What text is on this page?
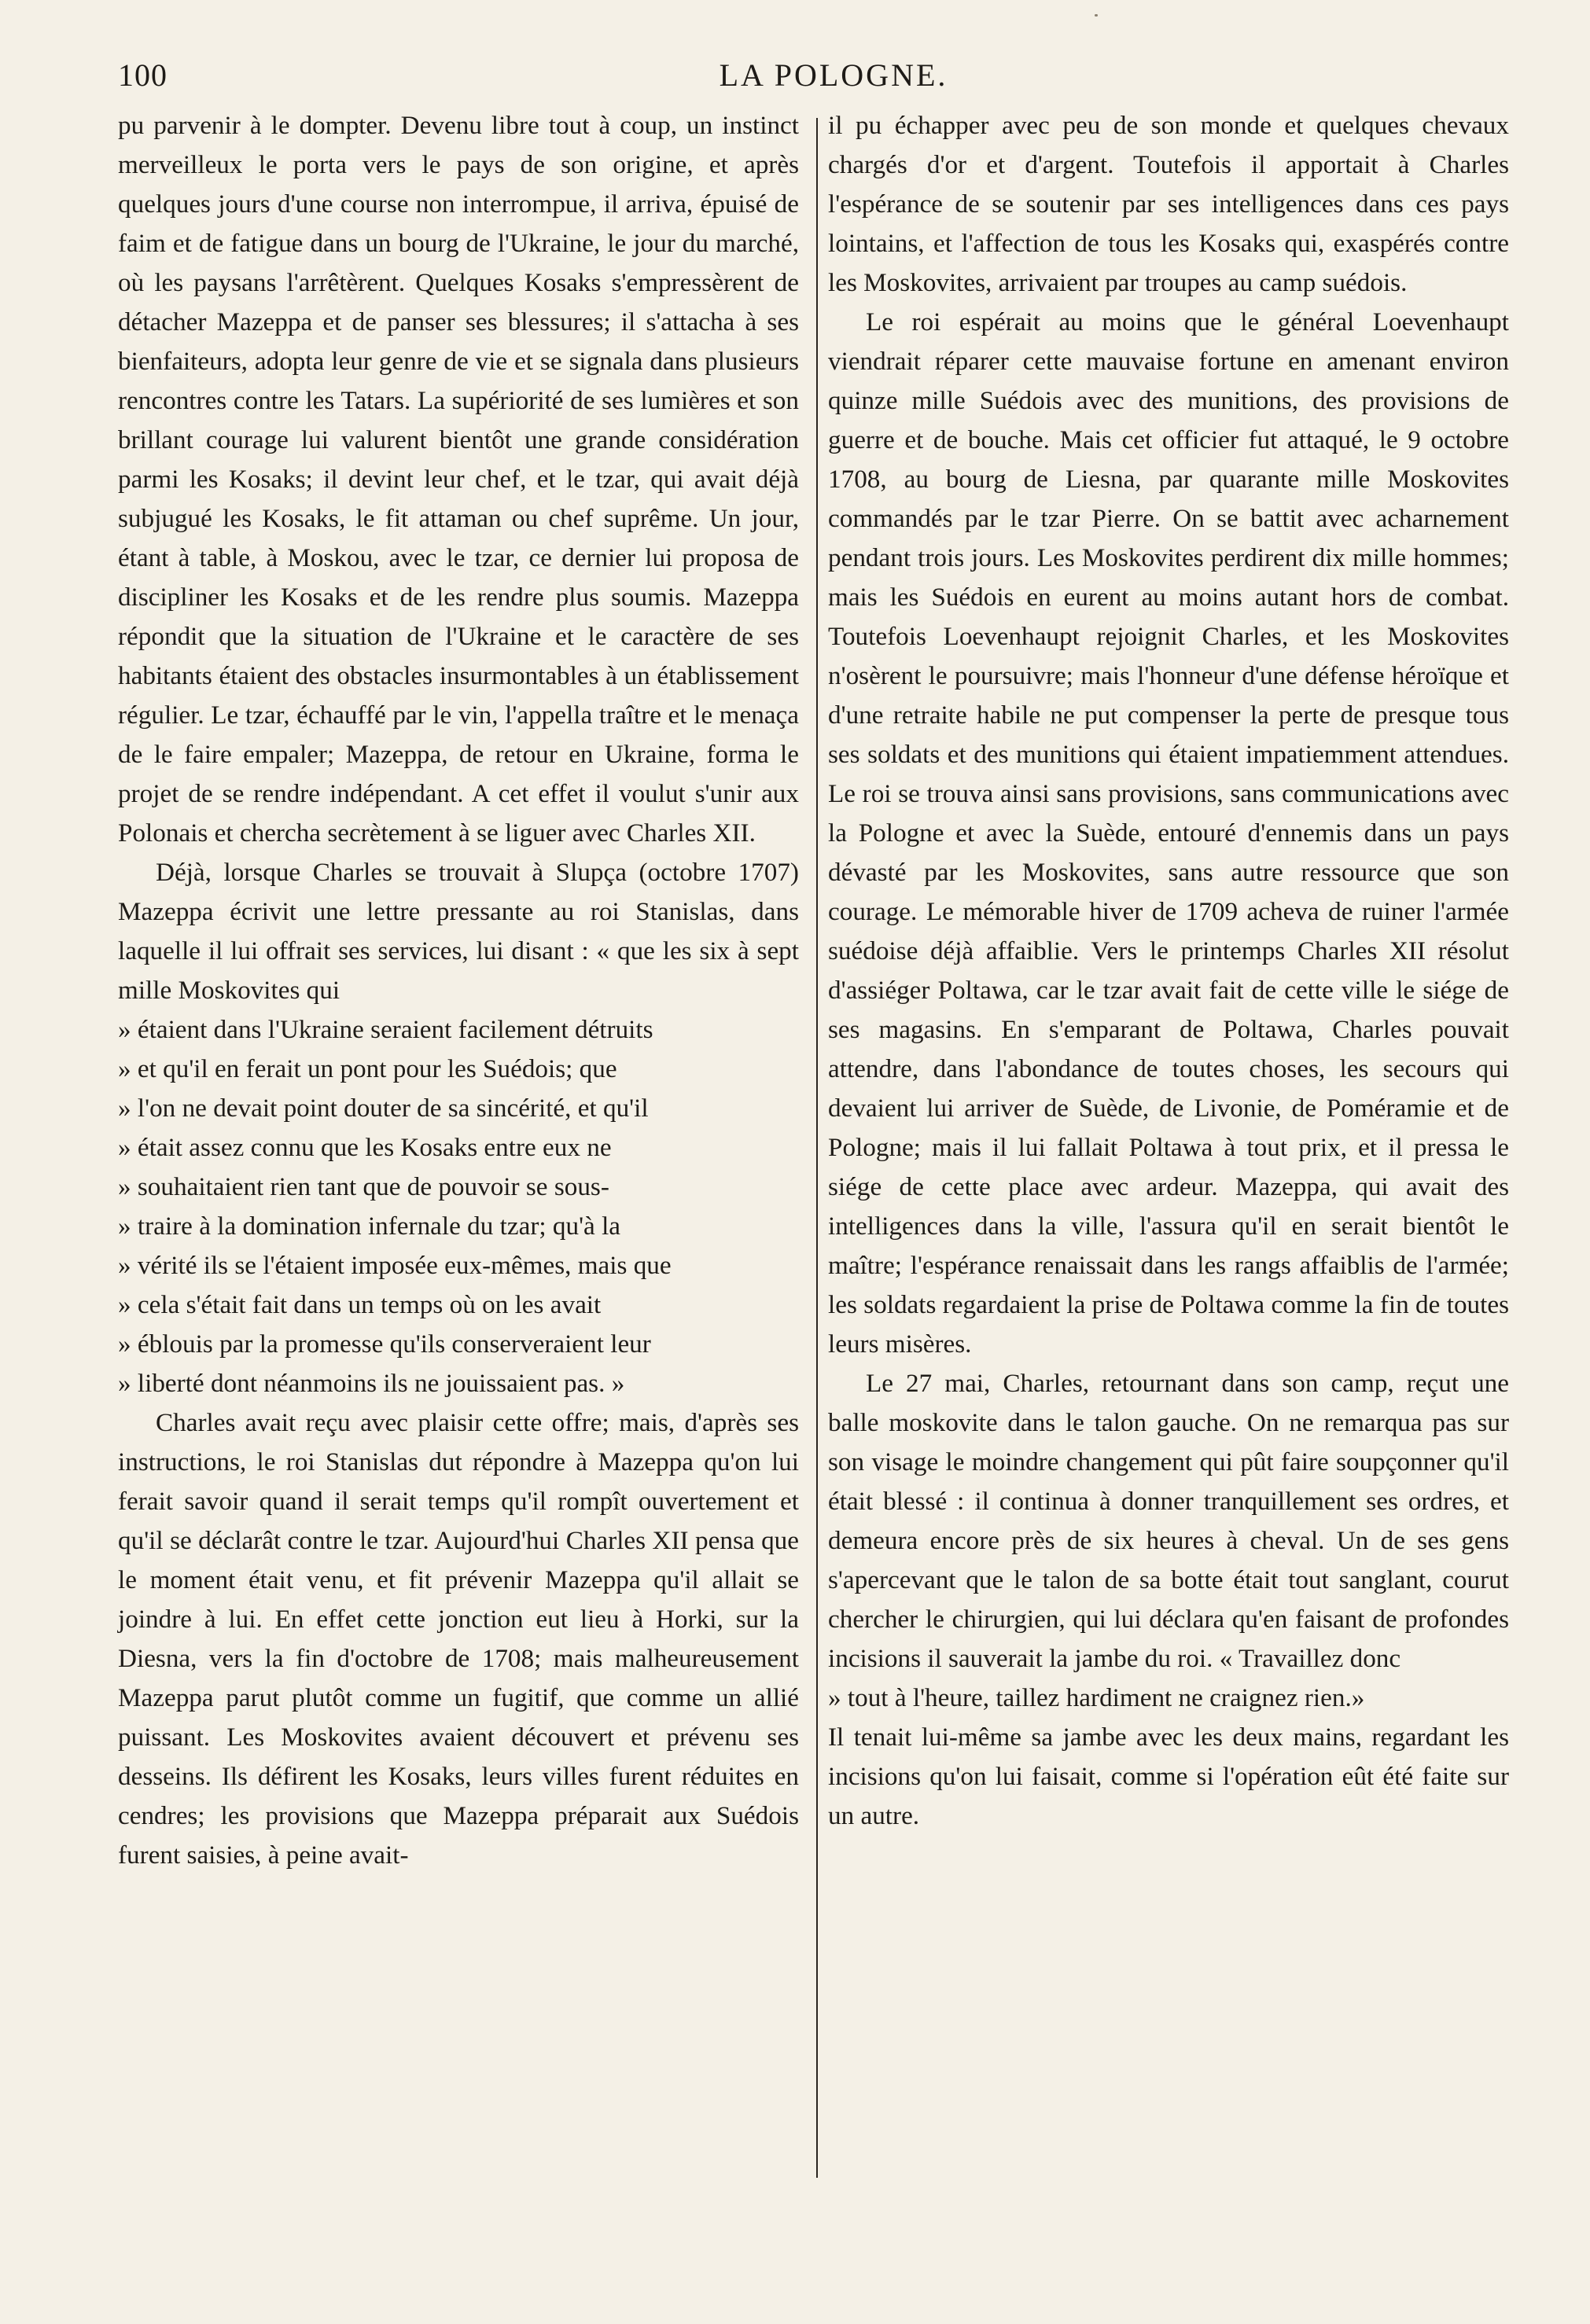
100	LA POLOGNE.

pu parvenir à le dompter. Devenu libre tout à coup, un instinct merveilleux le porta vers le pays de son origine, et après quelques jours d'une course non interrompue, il arriva, épuisé de faim et de fatigue dans un bourg de l'Ukraine, le jour du marché, où les paysans l'arrêtèrent. Quelques Kosaks s'empressèrent de détacher Mazeppa et de panser ses blessures; il s'attacha à ses bienfaiteurs, adopta leur genre de vie et se signala dans plusieurs rencontres contre les Tatars. La supériorité de ses lumières et son brillant courage lui valurent bientôt une grande considération parmi les Kosaks; il devint leur chef, et le tzar, qui avait déjà subjugué les Kosaks, le fit attaman ou chef suprême. Un jour, étant à table, à Moskou, avec le tzar, ce dernier lui proposa de discipliner les Kosaks et de les rendre plus soumis. Mazeppa répondit que la situation de l'Ukraine et le caractère de ses habitants étaient des obstacles insurmontables à un établissement régulier. Le tzar, échauffé par le vin, l'appella traître et le menaça de le faire empaler; Mazeppa, de retour en Ukraine, forma le projet de se rendre indépendant. A cet effet il voulut s'unir aux Polonais et chercha secrètement à se liguer avec Charles XII.

Déjà, lorsque Charles se trouvait à Slupça (octobre 1707) Mazeppa écrivit une lettre pressante au roi Stanislas, dans laquelle il lui offrait ses services, lui disant : « que les six à sept mille Moskovites qui

» étaient dans l'Ukraine seraient facilement détruits

» et qu'il en ferait un pont pour les Suédois; que

» l'on ne devait point douter de sa sincérité, et qu'il

» était assez connu que les Kosaks entre eux ne

» souhaitaient rien tant que de pouvoir se sous-

» traire à la domination infernale du tzar; qu'à la

» vérité ils se l'étaient imposée eux-mêmes, mais que

» cela s'était fait dans un temps où on les avait

» éblouis par la promesse qu'ils conserveraient leur

» liberté dont néanmoins ils ne jouissaient pas. »

Charles avait reçu avec plaisir cette offre; mais, d'après ses instructions, le roi Stanislas dut répondre à Mazeppa qu'on lui ferait savoir quand il serait temps qu'il rompît ouvertement et qu'il se déclarât contre le tzar. Aujourd'hui Charles XII pensa que le moment était venu, et fit prévenir Mazeppa qu'il allait se joindre à lui. En effet cette jonction eut lieu à Horki, sur la Diesna, vers la fin d'octobre de 1708; mais malheureusement Mazeppa parut plutôt comme un fugitif, que comme un allié puissant. Les Moskovites avaient découvert et prévenu ses desseins. Ils défirent les Kosaks, leurs villes furent réduites en cendres; les provisions que Mazeppa préparait aux Suédois furent saisies, à peine avait-

il pu échapper avec peu de son monde et quelques chevaux chargés d'or et d'argent. Toutefois il apportait à Charles l'espérance de se soutenir par ses intelligences dans ces pays lointains, et l'affection de tous les Kosaks qui, exaspérés contre les Moskovites, arrivaient par troupes au camp suédois.

Le roi espérait au moins que le général Loevenhaupt viendrait réparer cette mauvaise fortune en amenant environ quinze mille Suédois avec des munitions, des provisions de guerre et de bouche. Mais cet officier fut attaqué, le 9 octobre 1708, au bourg de Liesna, par quarante mille Moskovites commandés par le tzar Pierre. On se battit avec acharnement pendant trois jours. Les Moskovites perdirent dix mille hommes; mais les Suédois en eurent au moins autant hors de combat. Toutefois Loevenhaupt rejoignit Charles, et les Moskovites n'osèrent le poursuivre; mais l'honneur d'une défense héroïque et d'une retraite habile ne put compenser la perte de presque tous ses soldats et des munitions qui étaient impatiemment attendues. Le roi se trouva ainsi sans provisions, sans communications avec la Pologne et avec la Suède, entouré d'ennemis dans un pays dévasté par les Moskovites, sans autre ressource que son courage. Le mémorable hiver de 1709 acheva de ruiner l'armée suédoise déjà affaiblie. Vers le printemps Charles XII résolut d'assiéger Poltawa, car le tzar avait fait de cette ville le siége de ses magasins. En s'emparant de Poltawa, Charles pouvait attendre, dans l'abondance de toutes choses, les secours qui devaient lui arriver de Suède, de Livonie, de Poméramie et de Pologne; mais il lui fallait Poltawa à tout prix, et il pressa le siége de cette place avec ardeur. Mazeppa, qui avait des intelligences dans la ville, l'assura qu'il en serait bientôt le maître; l'espérance renaissait dans les rangs affaiblis de l'armée; les soldats regardaient la prise de Poltawa comme la fin de toutes leurs misères.

Le 27 mai, Charles, retournant dans son camp, reçut une balle moskovite dans le talon gauche. On ne remarqua pas sur son visage le moindre changement qui pût faire soupçonner qu'il était blessé : il continua à donner tranquillement ses ordres, et demeura encore près de six heures à cheval. Un de ses gens s'apercevant que le talon de sa botte était tout sanglant, courut chercher le chirurgien, qui lui déclara qu'en faisant de profondes incisions il sauverait la jambe du roi. « Travaillez donc

» tout à l'heure, taillez hardiment ne craignez rien.»

Il tenait lui-même sa jambe avec les deux mains, regardant les incisions qu'on lui faisait, comme si l'opération eût été faite sur un autre.
